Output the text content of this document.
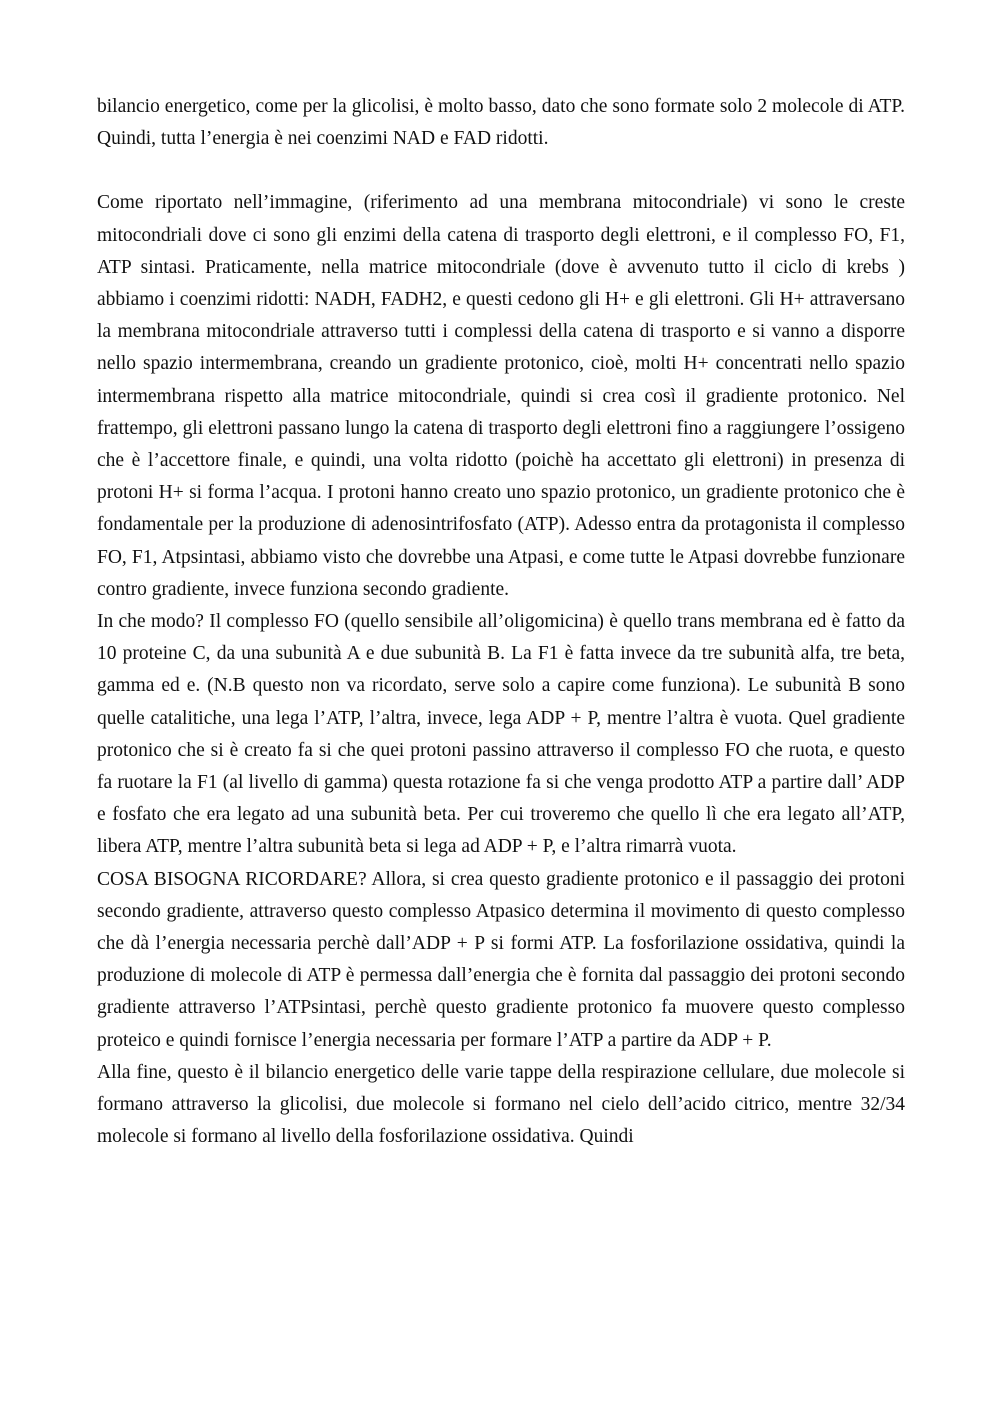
bilancio energetico, come per la glicolisi, è molto basso, dato che sono formate solo 2 molecole di ATP. Quindi, tutta l’energia è nei coenzimi NAD e FAD ridotti.

Come riportato nell’immagine, (riferimento ad una membrana mitocondriale) vi sono le creste mitocondriali dove ci sono gli enzimi della catena di trasporto degli elettroni, e il complesso FO, F1, ATP sintasi. Praticamente, nella matrice mitocondriale (dove è avvenuto tutto il ciclo di krebs ) abbiamo i coenzimi ridotti: NADH, FADH2, e questi cedono gli H+ e gli elettroni. Gli H+ attraversano la membrana mitocondriale attraverso tutti i complessi della catena di trasporto e si vanno a disporre nello spazio intermembrana, creando un gradiente protonico, cioè, molti H+ concentrati nello spazio intermembrana rispetto alla matrice mitocondriale, quindi si crea così il gradiente protonico. Nel frattempo, gli elettroni passano lungo la catena di trasporto degli elettroni fino a raggiungere l’ossigeno che è l’accettore finale, e quindi, una volta ridotto (poichè ha accettato gli elettroni) in presenza di protoni H+ si forma l’acqua. I protoni hanno creato uno spazio protonico, un gradiente protonico che è fondamentale per la produzione di adenosintrifosfato (ATP). Adesso entra da protagonista il complesso FO, F1, Atpsintasi, abbiamo visto che dovrebbe una Atpasi, e come tutte le Atpasi dovrebbe funzionare contro gradiente, invece funziona secondo gradiente.

In che modo? Il complesso FO (quello sensibile all’oligomicina) è quello trans membrana ed è fatto da 10 proteine C, da una subunità A e due subunità B. La F1 è fatta invece da tre subunità alfa, tre beta, gamma ed e. (N.B questo non va ricordato, serve solo a capire come funziona). Le subunità B sono quelle catalitiche, una lega l’ATP, l’altra, invece, lega ADP + P, mentre l’altra è vuota. Quel gradiente protonico che si è creato fa si che quei protoni passino attraverso il complesso FO che ruota, e questo fa ruotare la F1 (al livello di gamma) questa rotazione fa si che venga prodotto ATP a partire dall’ ADP e fosfato che era legato ad una subunità beta. Per cui troveremo che quello lì che era legato all’ATP, libera ATP, mentre l’altra subunità beta si lega ad ADP + P, e l’altra rimarrà vuota.

COSA BISOGNA RICORDARE? Allora, si crea questo gradiente protonico e il passaggio dei protoni secondo gradiente, attraverso questo complesso Atpasico determina il movimento di questo complesso che dà l’energia necessaria perchè dall’ADP + P si formi ATP. La fosforilazione ossidativa, quindi la produzione di molecole di ATP è permessa dall’energia che è fornita dal passaggio dei protoni secondo gradiente attraverso l’ATPsintasi, perchè questo gradiente protonico fa muovere questo complesso proteico e quindi fornisce l’energia necessaria per formare l’ATP a partire da ADP + P.

Alla fine, questo è il bilancio energetico delle varie tappe della respirazione cellulare, due molecole si formano attraverso la glicolisi, due molecole si formano nel cielo dell’acido citrico, mentre 32/34 molecole si formano al livello della fosforilazione ossidativa. Quindi
